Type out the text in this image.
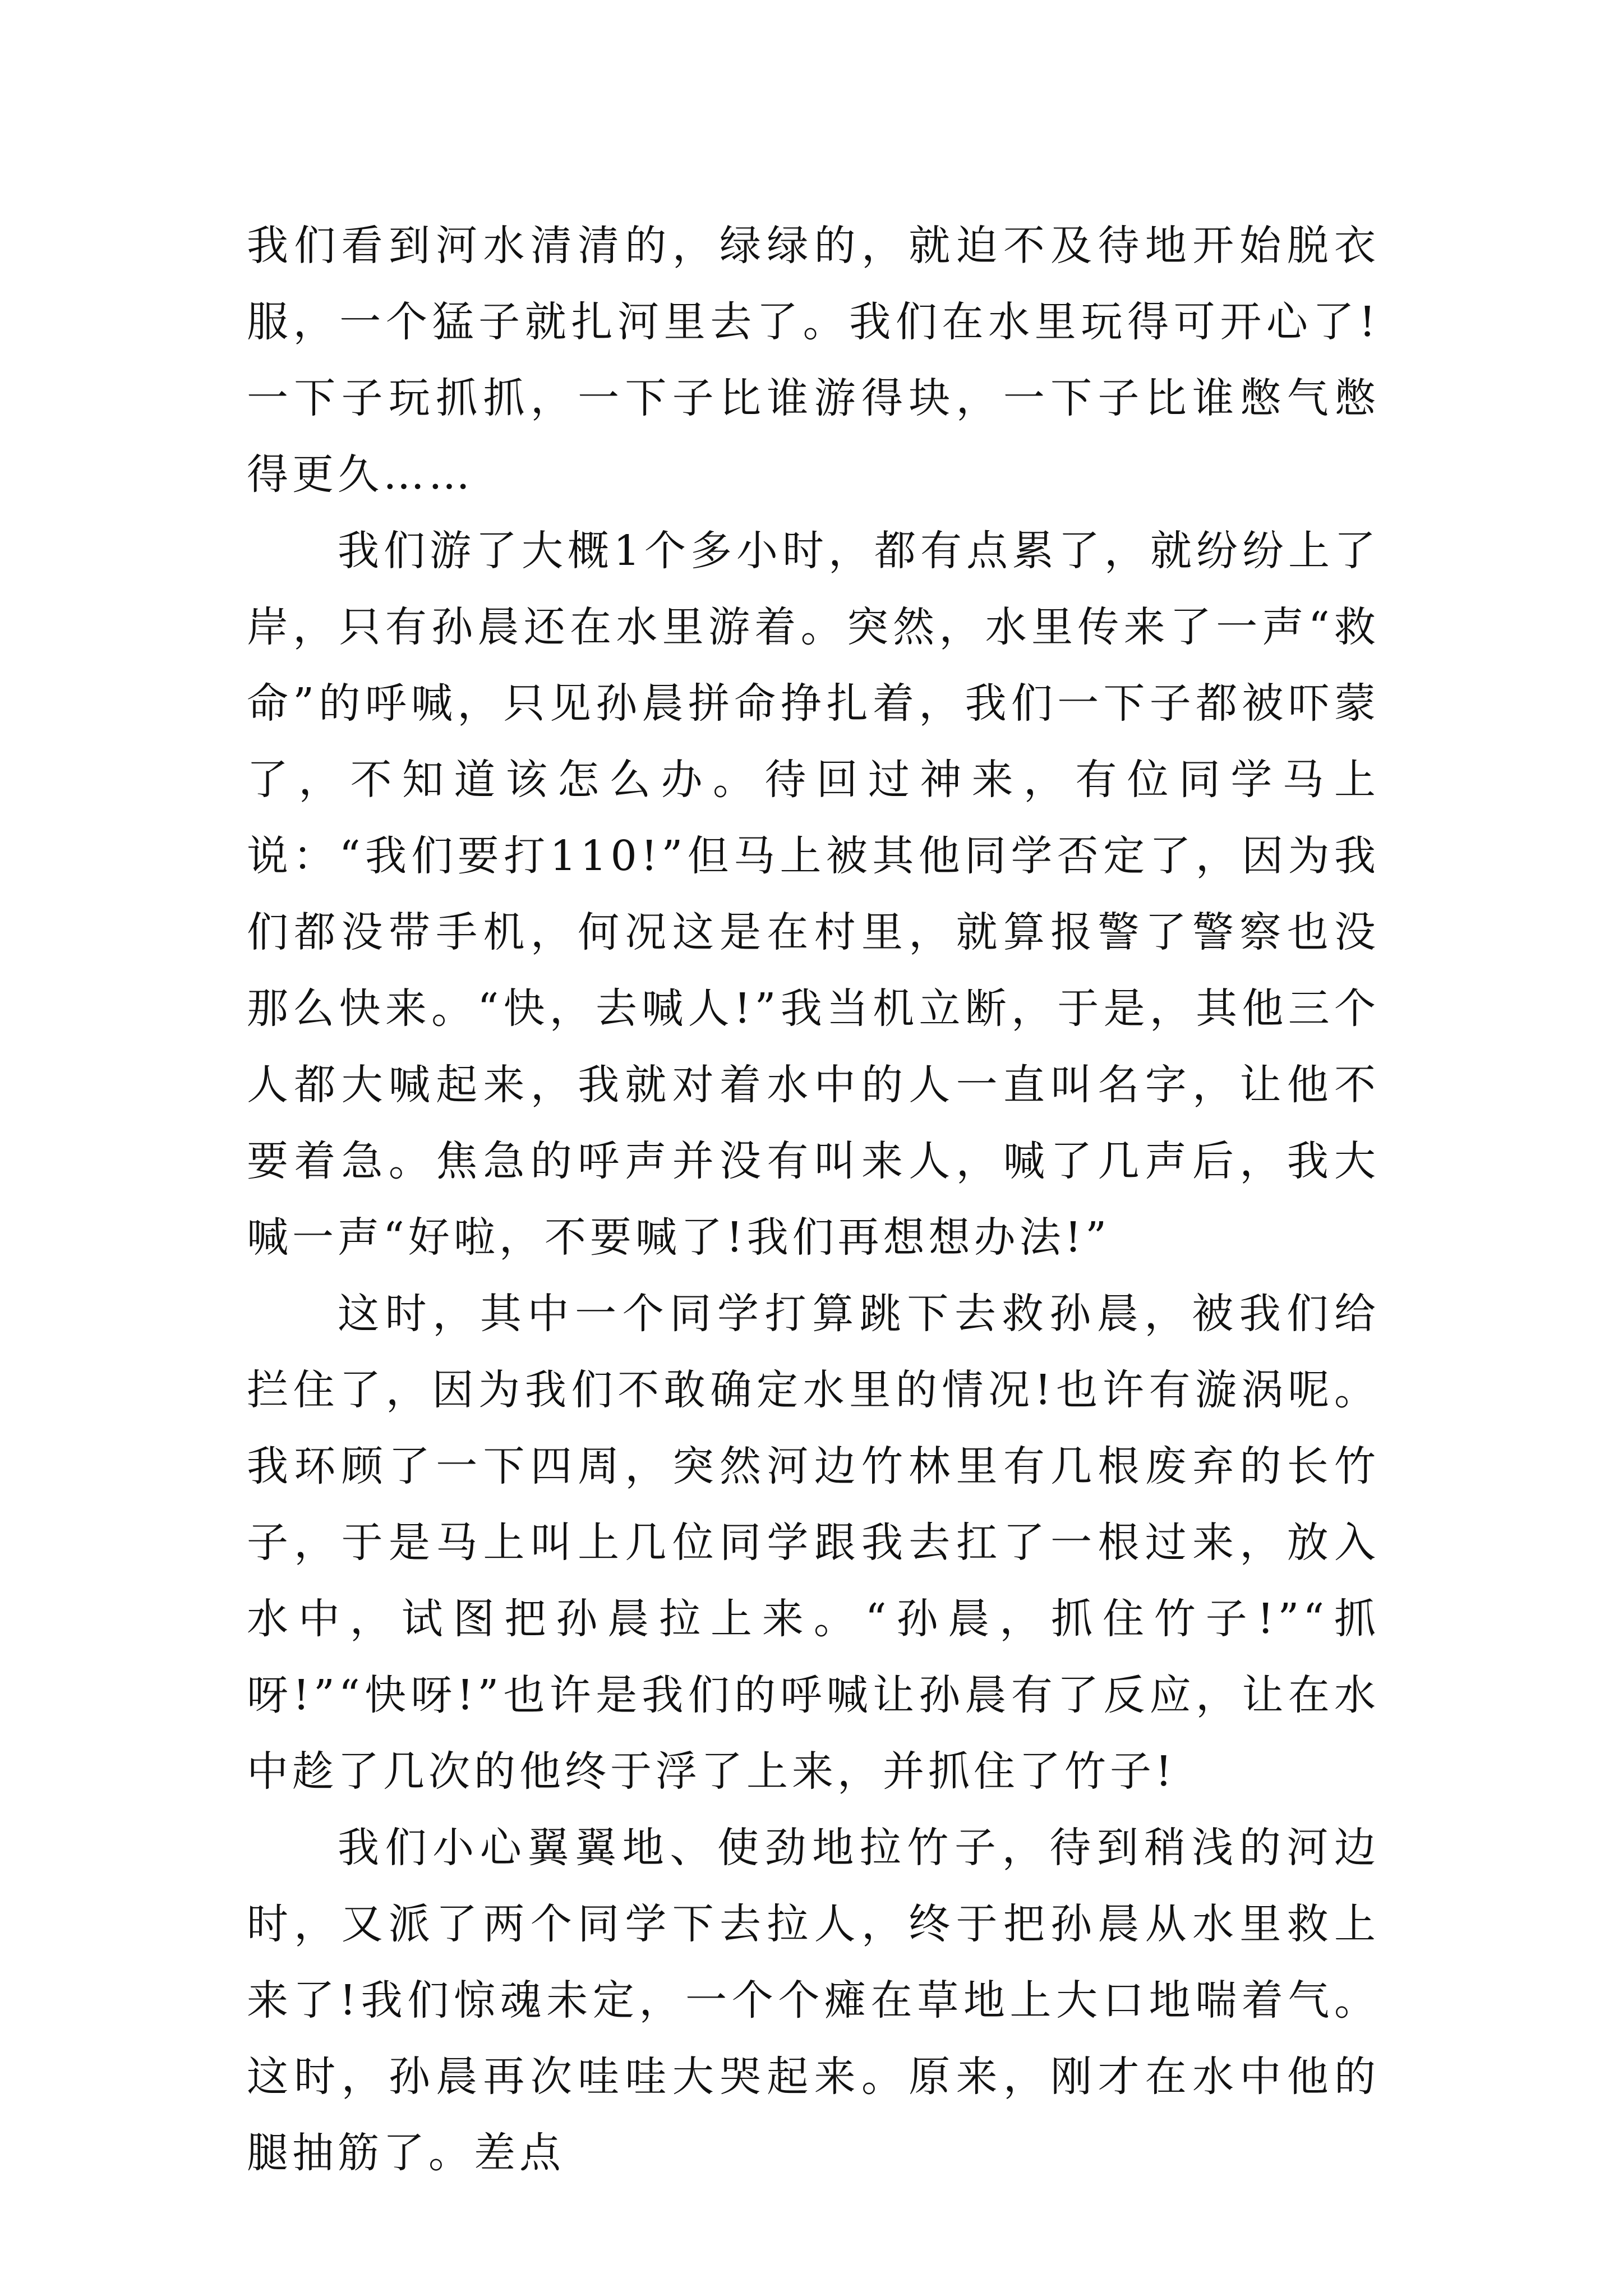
我们看到河水清清的，绿绿的，就迫不及待地开始脱衣服，一个猛子就扎河里去了。我们在水里玩得可开心了!一下子玩抓抓，一下子比谁游得块，一下子比谁憋气憋得更久……

我们游了大概1个多小时，都有点累了，就纷纷上了岸，只有孙晨还在水里游着。突然，水里传来了一声“救命”的呼喊，只见孙晨拼命挣扎着，我们一下子都被吓蒙了，不知道该怎么办。待回过神来，有位同学马上说：“我们要打110!”但马上被其他同学否定了，因为我们都没带手机，何况这是在村里，就算报警了警察也没那么快来。“快，去喊人!”我当机立断，于是，其他三个人都大喊起来，我就对着水中的人一直叫名字，让他不要着急。焦急的呼声并没有叫来人，喊了几声后，我大喊一声“好啦，不要喊了!我们再想想办法!”

这时，其中一个同学打算跳下去救孙晨，被我们给拦住了，因为我们不敢确定水里的情况!也许有漩涡呢。我环顾了一下四周，突然河边竹林里有几根废弃的长竹子，于是马上叫上几位同学跟我去扛了一根过来，放入水中，试图把孙晨拉上来。“孙晨，抓住竹子!”“抓呀!”“快呀!”也许是我们的呼喊让孙晨有了反应，让在水中趁了几次的他终于浮了上来，并抓住了竹子!

我们小心翼翼地、使劲地拉竹子，待到稍浅的河边时，又派了两个同学下去拉人，终于把孙晨从水里救上来了!我们惊魂未定，一个个瘫在草地上大口地喘着气。这时，孙晨再次哇哇大哭起来。原来，刚才在水中他的腿抽筋了。差点
